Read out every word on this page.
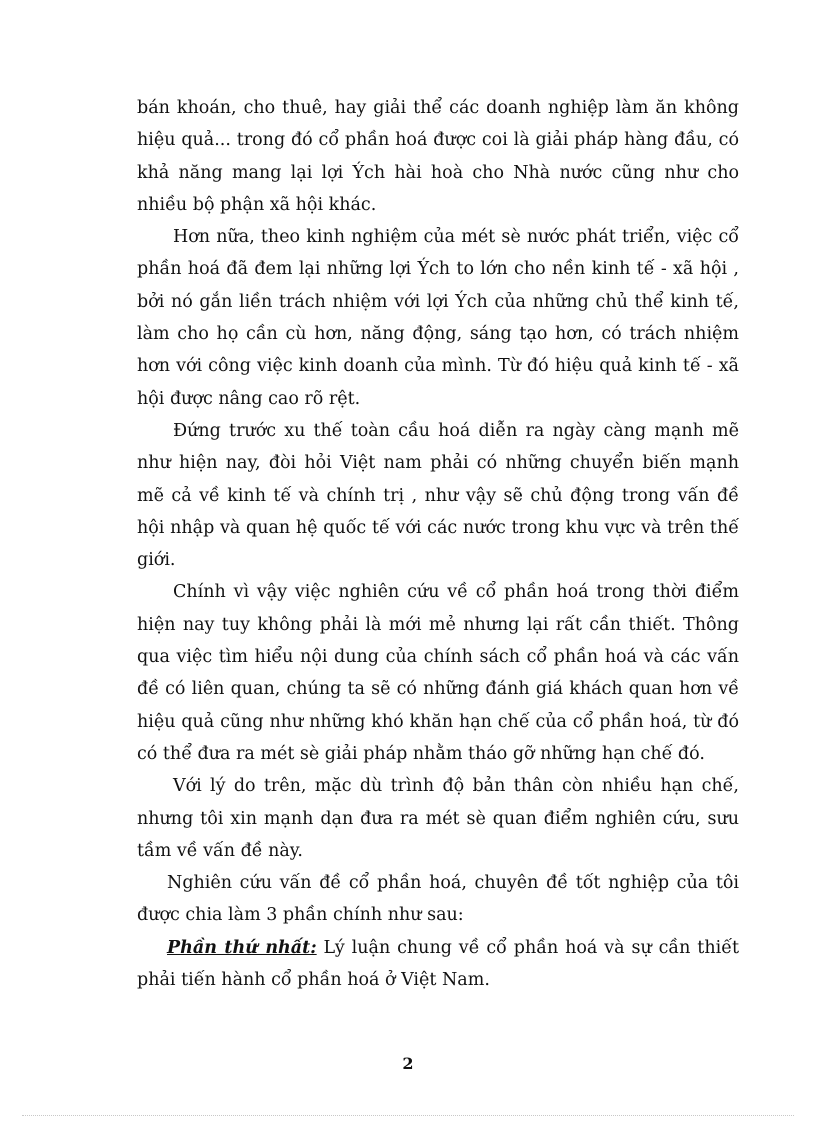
bán khoán, cho thuê, hay giải thể các doanh nghiệp làm ăn không hiệu quả... trong đó cổ phần hoá được coi là giải pháp hàng đầu, có khả năng mang lại lợi Ých hài hoà cho Nhà nước cũng như cho nhiều bộ phận xã hội khác.

Hơn nữa, theo kinh nghiệm của mét sè nước phát triển, việc cổ phần hoá đã đem lại những lợi Ých to lớn cho nền kinh tế - xã hội , bởi nó gắn liền trách nhiệm với lợi Ých của những chủ thể kinh tế, làm cho họ cần cù hơn, năng động, sáng tạo hơn, có trách nhiệm hơn với công việc kinh doanh của mình. Từ đó hiệu quả kinh tế - xã hội được nâng cao rõ rệt.

Đứng trước xu thế toàn cầu hoá diễn ra ngày càng mạnh mẽ như hiện nay, đòi hỏi Việt nam phải có những chuyển biến mạnh mẽ cả về kinh tế và chính trị , như vậy sẽ chủ động trong vấn đề hội nhập và quan hệ quốc tế với các nước trong khu vực và trên thế giới.

Chính vì vậy việc nghiên cứu về cổ phần hoá trong thời điểm hiện nay tuy không phải là mới mẻ nhưng lại rất cần thiết. Thông qua việc tìm hiểu nội dung của chính sách cổ phần hoá và các vấn đề có liên quan, chúng ta sẽ có những đánh giá khách quan hơn về hiệu quả cũng như những khó khăn hạn chế của cổ phần hoá, từ đó có thể đưa ra mét sè giải pháp nhằm tháo gỡ những hạn chế đó.

Với lý do trên, mặc dù trình độ bản thân còn nhiều hạn chế, nhưng tôi xin mạnh dạn đưa ra mét sè quan điểm nghiên cứu, sưu tầm về vấn đề này.

Nghiên cứu vấn đề cổ phần hoá, chuyên đề tốt nghiệp của tôi được chia làm 3 phần chính như sau:

Phần thứ nhất: Lý luận chung về cổ phần hoá và sự cần thiết phải tiến hành cổ phần hoá ở Việt Nam.

2
